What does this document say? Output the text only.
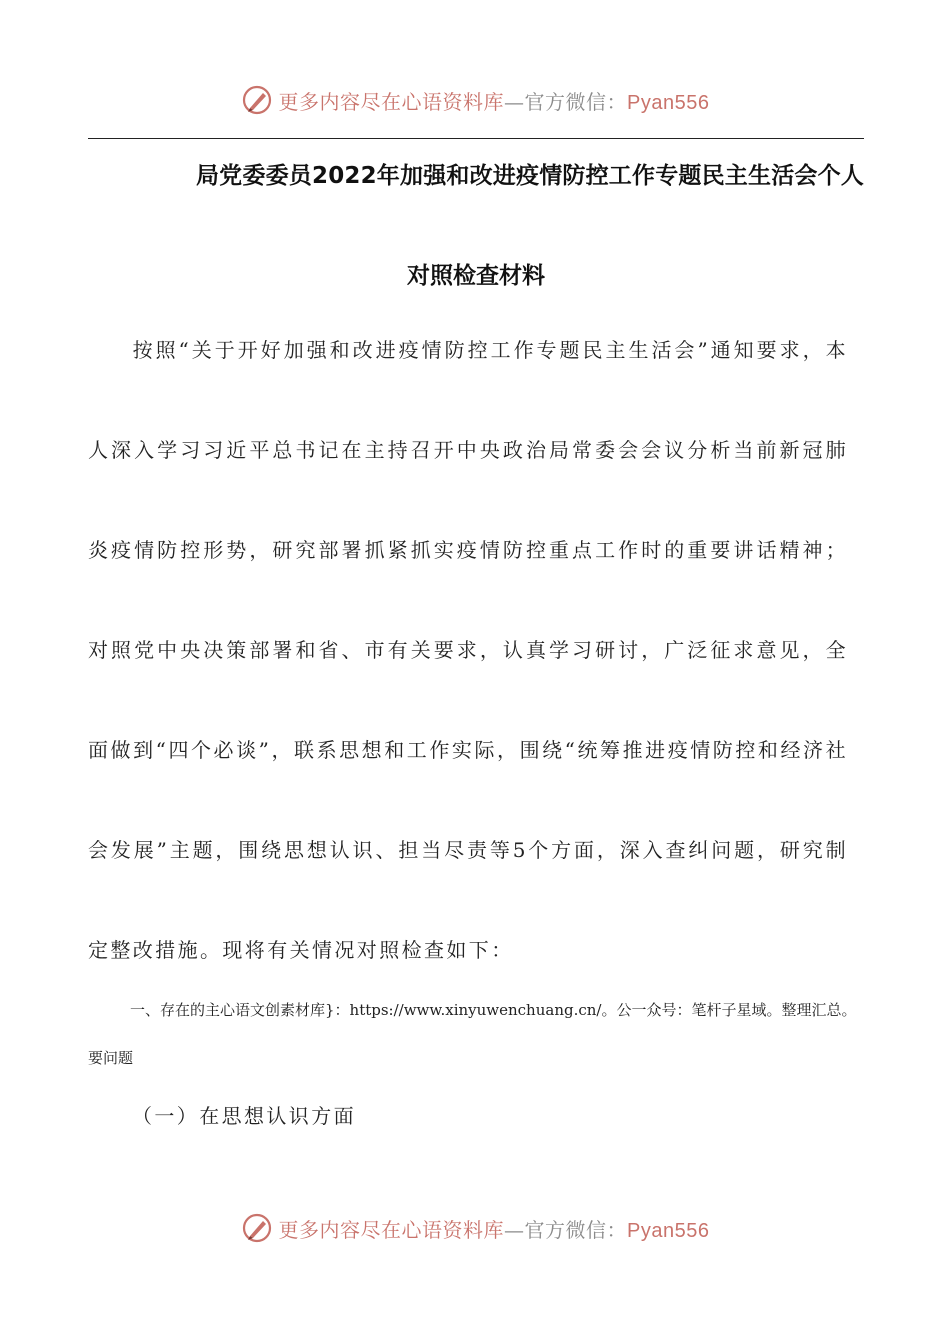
更多内容尽在心语资料库—官方微信：Pyan556
局党委委员2022年加强和改进疫情防控工作专题民主生活会个人
对照检查材料
按照“关于开好加强和改进疫情防控工作专题民主生活会”通知要求，本人深入学习习近平总书记在主持召开中央政治局常委会会议分析当前新冠肺炎疫情防控形势，研究部署抓紧抓实疫情防控重点工作时的重要讲话精神；对照党中央决策部署和省、市有关要求，认真学习研讨，广泛征求意见，全面做到“四个必谈”，联系思想和工作实际，围绕“统筹推进疫情防控和经济社会发展”主题，围绕思想认识、担当尽责等5个方面，深入查纠问题，研究制定整改措施。现将有关情况对照检查如下：
一、存在的主心语文创素材库}：https://www.xinyuwenchuang.cn/。公一众号：笔杆子星域。整理汇总。要问题
（一）在思想认识方面
更多内容尽在心语资料库—官方微信：Pyan556
